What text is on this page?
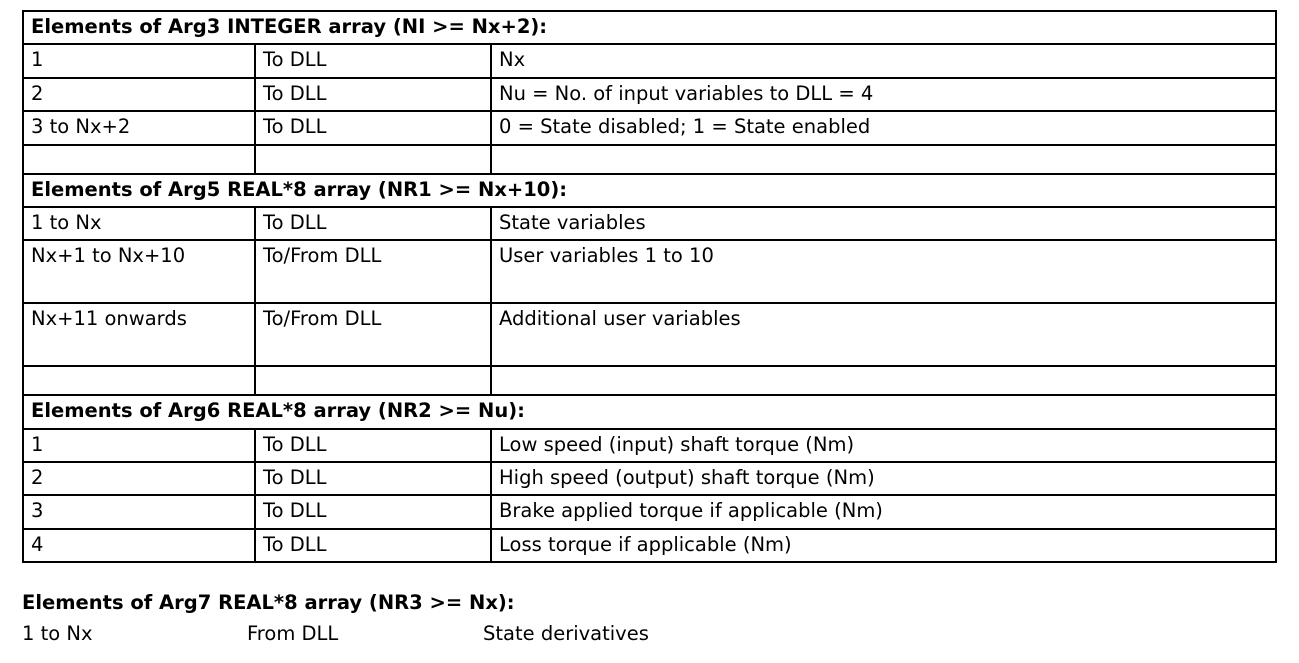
Elements of Arg3 INTEGER array (NI >= Nx+2):		
1	To DLL	Nx
2	To DLL	Nu = No. of input variables to DLL = 4
3 to Nx+2	To DLL	0 = State disabled; 1 = State enabled

Elements of Arg5 REAL*8 array (NR1 >= Nx+10):		
1 to Nx	To DLL	State variables
Nx+1 to Nx+10	To/From DLL	User variables 1 to 10
Nx+11 onwards	To/From DLL	Additional user variables

Elements of Arg6 REAL*8 array (NR2 >= Nu):		
1	To DLL	Low speed (input) shaft torque (Nm)
2	To DLL	High speed (output) shaft torque (Nm)
3	To DLL	Brake applied torque if applicable (Nm)
4	To DLL	Loss torque if applicable (Nm)
Elements of Arg7 REAL*8 array (NR3 >= Nx):
1 to Nx	From DLL	State derivatives
